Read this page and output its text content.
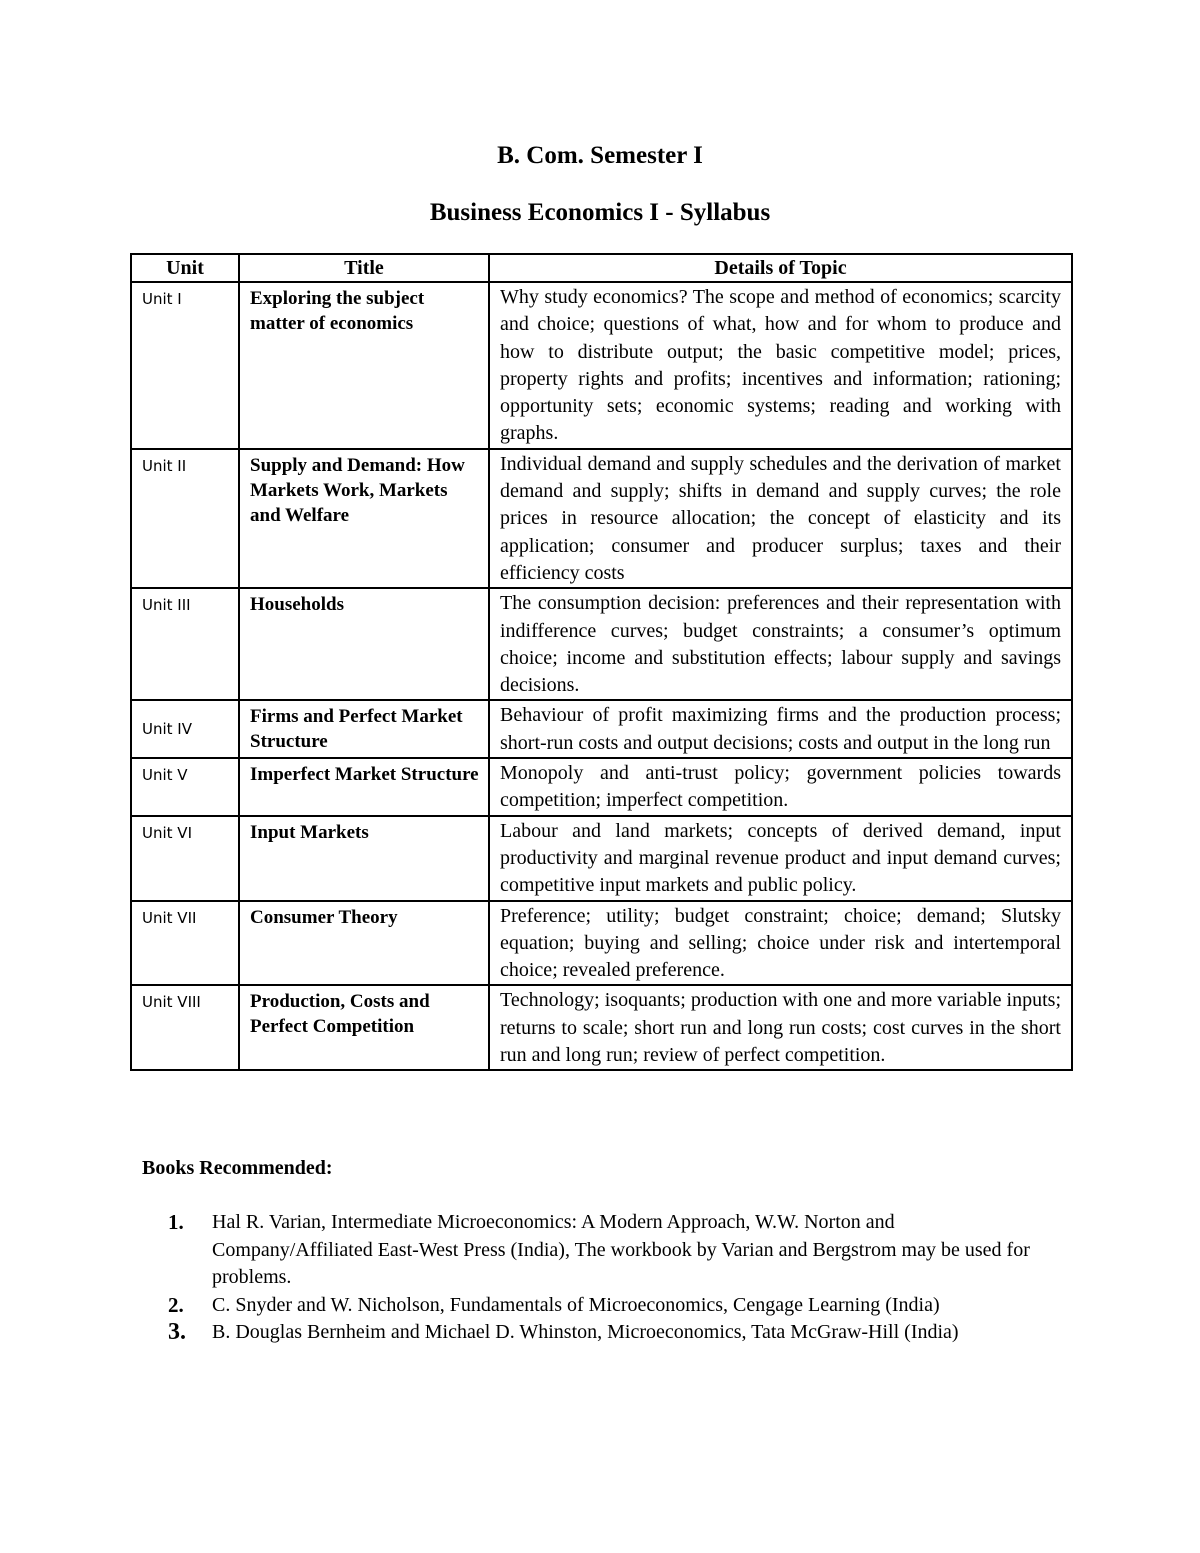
B. Com. Semester I
Business Economics I - Syllabus
Unit	Title	Details of Topic
Unit I	Exploring the subject matter of economics	Why study economics? The scope and method of economics; scarcity and choice; questions of what, how and for whom to produce and how to distribute output; the basic competitive model; prices, property rights and profits; incentives and information; rationing; opportunity sets; economic systems; reading and working with graphs.
Unit II	Supply and Demand: How Markets Work, Markets and Welfare	Individual demand and supply schedules and the derivation of market demand and supply; shifts in demand and supply curves; the role prices in resource allocation; the concept of elasticity and its application; consumer and producer surplus; taxes and their efficiency costs
Unit III	Households	The consumption decision: preferences and their representation with indifference curves; budget constraints; a consumer’s optimum choice; income and substitution effects; labour supply and savings decisions.
Unit IV	Firms and Perfect Market Structure	Behaviour of profit maximizing firms and the production process; short-run costs and output decisions; costs and output in the long run
Unit V	Imperfect Market Structure	Monopoly and anti-trust policy; government policies towards competition; imperfect competition.
Unit VI	Input Markets	Labour and land markets; concepts of derived demand, input productivity and marginal revenue product and input demand curves; competitive input markets and public policy.
Unit VII	Consumer Theory	Preference; utility; budget constraint; choice; demand; Slutsky equation; buying and selling; choice under risk and intertemporal choice; revealed preference.
Unit VIII	Production, Costs and Perfect Competition	Technology; isoquants; production with one and more variable inputs; returns to scale; short run and long run costs; cost curves in the short run and long run; review of perfect competition.
Books Recommended:
1. Hal R. Varian, Intermediate Microeconomics: A Modern Approach, W.W. Norton and Company/Affiliated East-West Press (India), The workbook by Varian and Bergstrom may be used for problems.
2. C. Snyder and W. Nicholson, Fundamentals of Microeconomics, Cengage Learning (India)
3. B. Douglas Bernheim and Michael D. Whinston, Microeconomics, Tata McGraw-Hill (India)
